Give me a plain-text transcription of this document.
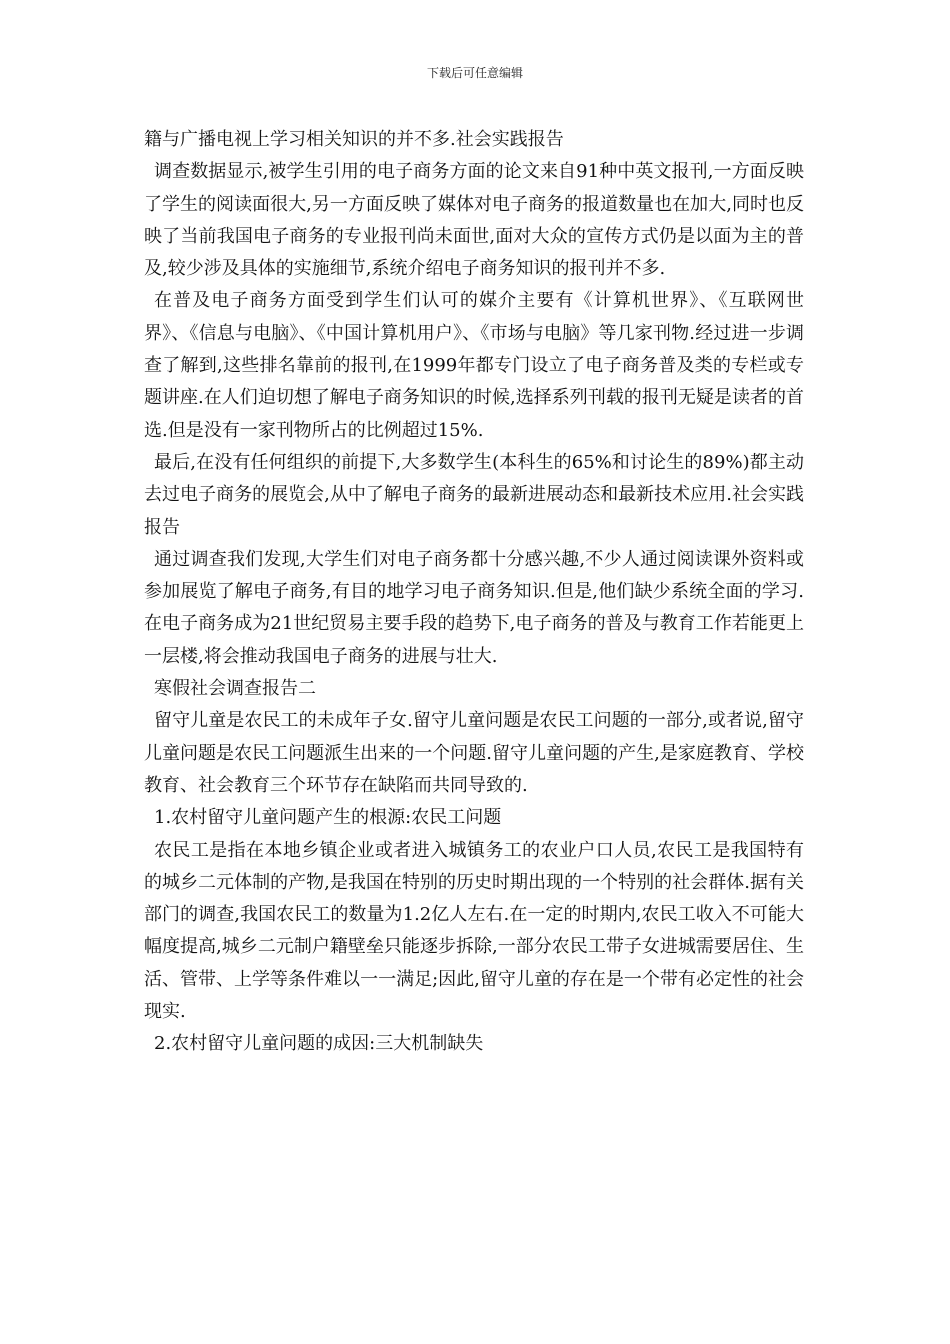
下载后可任意编辑

籍与广播电视上学习相关知识的并不多.社会实践报告

调查数据显示,被学生引用的电子商务方面的论文来自91种中英文报刊,一方面反映了学生的阅读面很大,另一方面反映了媒体对电子商务的报道数量也在加大,同时也反映了当前我国电子商务的专业报刊尚未面世,面对大众的宣传方式仍是以面为主的普及,较少涉及具体的实施细节,系统介绍电子商务知识的报刊并不多.

在普及电子商务方面受到学生们认可的媒介主要有《计算机世界》、《互联网世界》、《信息与电脑》、《中国计算机用户》、《市场与电脑》等几家刊物.经过进一步调查了解到,这些排名靠前的报刊,在1999年都专门设立了电子商务普及类的专栏或专题讲座.在人们迫切想了解电子商务知识的时候,选择系列刊载的报刊无疑是读者的首选.但是没有一家刊物所占的比例超过15%.

最后,在没有任何组织的前提下,大多数学生(本科生的65%和讨论生的89%)都主动去过电子商务的展览会,从中了解电子商务的最新进展动态和最新技术应用.社会实践报告

通过调查我们发现,大学生们对电子商务都十分感兴趣,不少人通过阅读课外资料或参加展览了解电子商务,有目的地学习电子商务知识.但是,他们缺少系统全面的学习.在电子商务成为21世纪贸易主要手段的趋势下,电子商务的普及与教育工作若能更上一层楼,将会推动我国电子商务的进展与壮大.

寒假社会调查报告二

留守儿童是农民工的未成年子女.留守儿童问题是农民工问题的一部分,或者说,留守儿童问题是农民工问题派生出来的一个问题.留守儿童问题的产生,是家庭教育、学校教育、社会教育三个环节存在缺陷而共同导致的.

1.农村留守儿童问题产生的根源:农民工问题

农民工是指在本地乡镇企业或者进入城镇务工的农业户口人员,农民工是我国特有的城乡二元体制的产物,是我国在特别的历史时期出现的一个特别的社会群体.据有关部门的调查,我国农民工的数量为1.2亿人左右.在一定的时期内,农民工收入不可能大幅度提高,城乡二元制户籍壁垒只能逐步拆除,一部分农民工带子女进城需要居住、生活、管带、上学等条件难以一一满足;因此,留守儿童的存在是一个带有必定性的社会现实.

2.农村留守儿童问题的成因:三大机制缺失
